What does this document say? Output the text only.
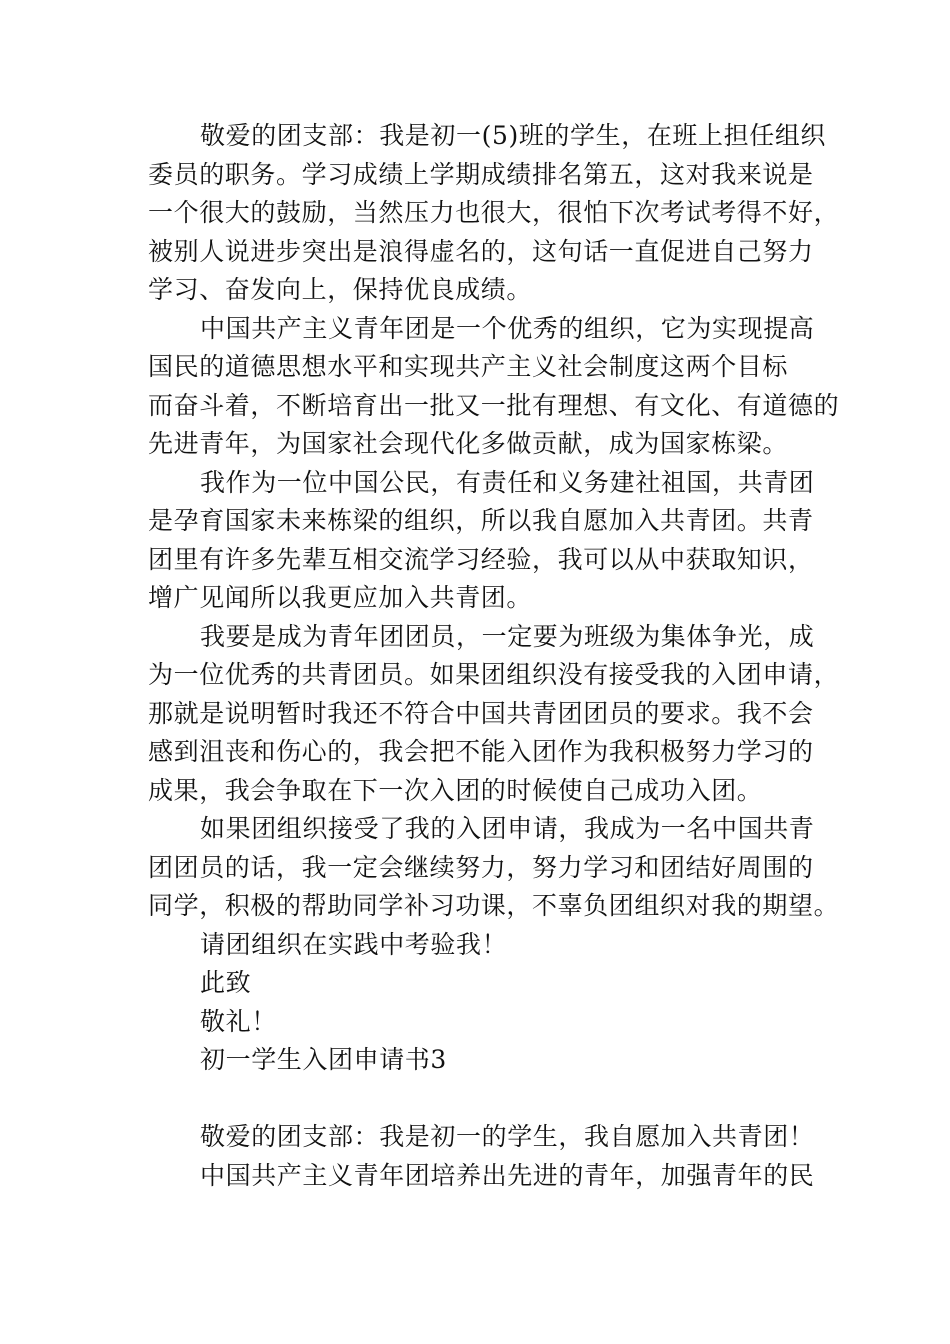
敬爱的团支部：我是初一(5)班的学生，在班上担任组织
委员的职务。学习成绩上学期成绩排名第五，这对我来说是
一个很大的鼓励，当然压力也很大，很怕下次考试考得不好，
被别人说进步突出是浪得虚名的，这句话一直促进自己努力
学习、奋发向上，保持优良成绩。
中国共产主义青年团是一个优秀的组织，它为实现提高
国民的道德思想水平和实现共产主义社会制度这两个目标
而奋斗着，不断培育出一批又一批有理想、有文化、有道德的
先进青年，为国家社会现代化多做贡献，成为国家栋梁。
我作为一位中国公民，有责任和义务建社祖国，共青团
是孕育国家未来栋梁的组织，所以我自愿加入共青团。共青
团里有许多先辈互相交流学习经验，我可以从中获取知识，
增广见闻所以我更应加入共青团。
我要是成为青年团团员，一定要为班级为集体争光，成
为一位优秀的共青团员。如果团组织没有接受我的入团申请，
那就是说明暂时我还不符合中国共青团团员的要求。我不会
感到沮丧和伤心的，我会把不能入团作为我积极努力学习的
成果，我会争取在下一次入团的时候使自己成功入团。
如果团组织接受了我的入团申请，我成为一名中国共青
团团员的话，我一定会继续努力，努力学习和团结好周围的
同学，积极的帮助同学补习功课，不辜负团组织对我的期望。
请团组织在实践中考验我！
此致
敬礼！
初一学生入团申请书3
敬爱的团支部：我是初一的学生，我自愿加入共青团！
中国共产主义青年团培养出先进的青年，加强青年的民
